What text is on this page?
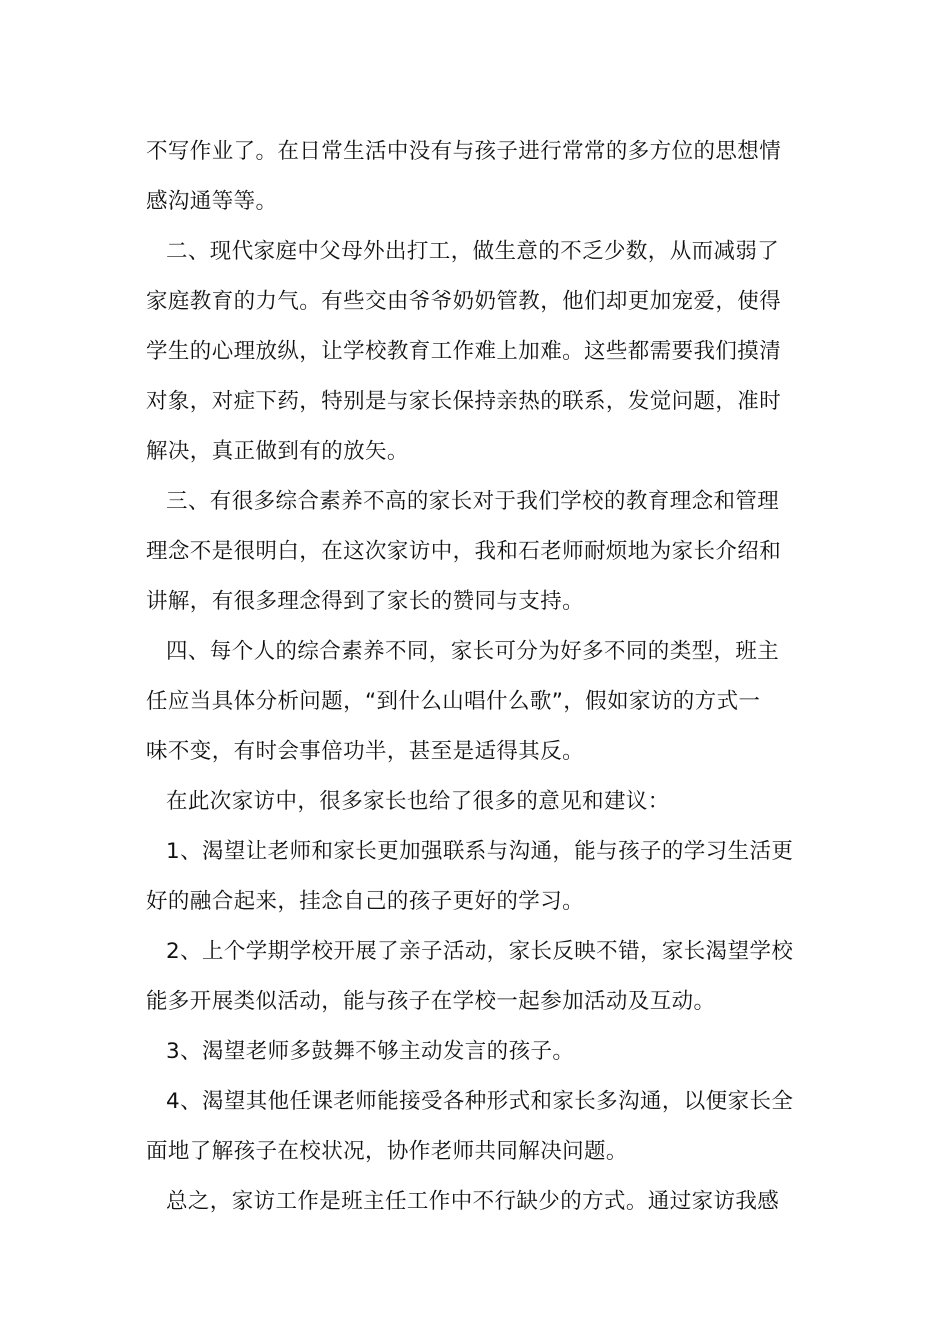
不写作业了。在日常生活中没有与孩子进行常常的多方位的思想情
感沟通等等。
二、现代家庭中父母外出打工，做生意的不乏少数，从而减弱了
家庭教育的力气。有些交由爷爷奶奶管教，他们却更加宠爱，使得
学生的心理放纵，让学校教育工作难上加难。这些都需要我们摸清
对象，对症下药，特别是与家长保持亲热的联系，发觉问题，准时
解决，真正做到有的放矢。
三、有很多综合素养不高的家长对于我们学校的教育理念和管理
理念不是很明白，在这次家访中，我和石老师耐烦地为家长介绍和
讲解，有很多理念得到了家长的赞同与支持。
四、每个人的综合素养不同，家长可分为好多不同的类型，班主
任应当具体分析问题，“到什么山唱什么歌”，假如家访的方式一
味不变，有时会事倍功半，甚至是适得其反。
在此次家访中，很多家长也给了很多的意见和建议：
1、渴望让老师和家长更加强联系与沟通，能与孩子的学习生活更
好的融合起来，挂念自己的孩子更好的学习。
2、上个学期学校开展了亲子活动，家长反映不错，家长渴望学校
能多开展类似活动，能与孩子在学校一起参加活动及互动。
3、渴望老师多鼓舞不够主动发言的孩子。
4、渴望其他任课老师能接受各种形式和家长多沟通，以便家长全
面地了解孩子在校状况，协作老师共同解决问题。
总之，家访工作是班主任工作中不行缺少的方式。通过家访我感
